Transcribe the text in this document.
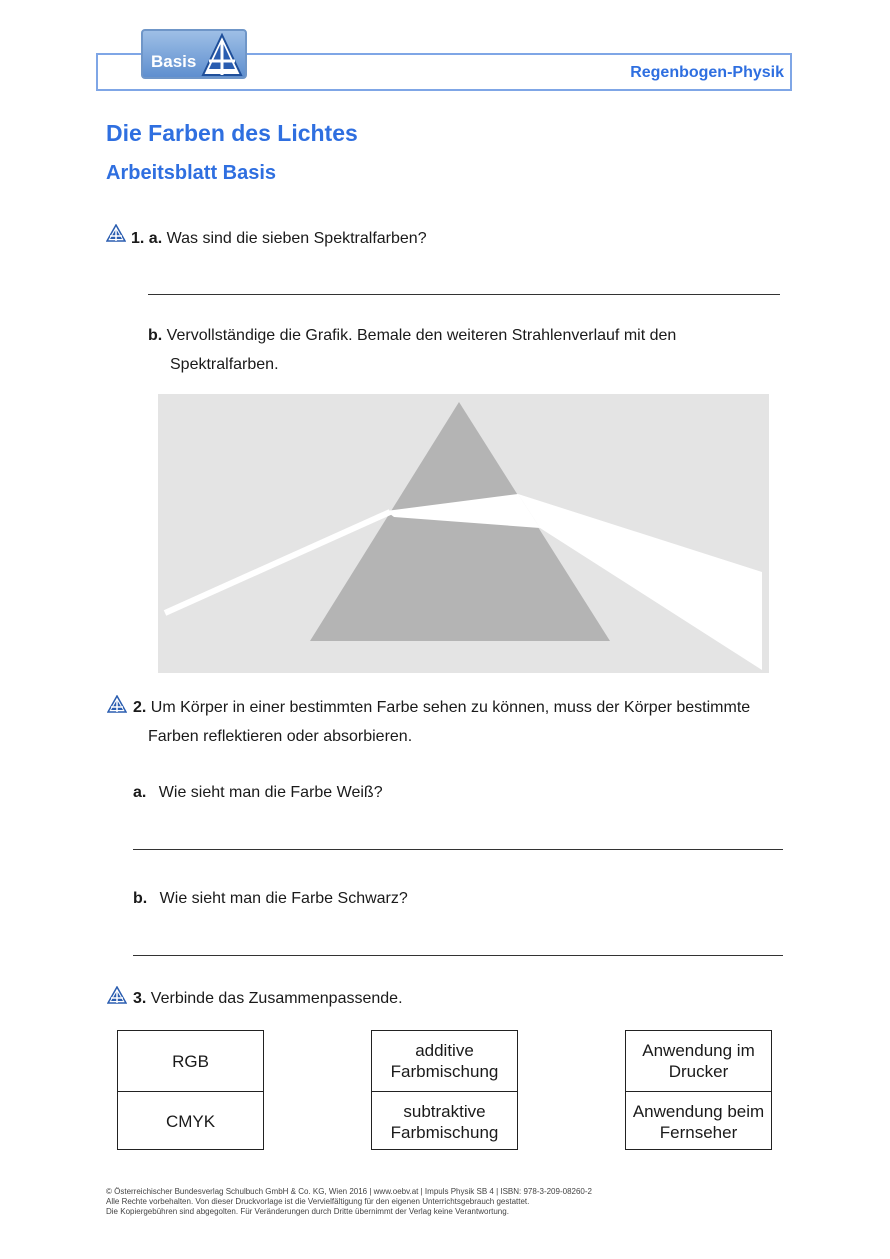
Basis
Regenbogen-Physik
Die Farben des Lichtes
Arbeitsblatt Basis
1. a. Was sind die sieben Spektralfarben?
b. Vervollständige die Grafik. Bemale den weiteren Strahlenverlauf mit den
Spektralfarben.
2. Um Körper in einer bestimmten Farbe sehen zu können, muss der Körper bestimmte
Farben reflektieren oder absorbieren.
a. Wie sieht man die Farbe Weiß?
b. Wie sieht man die Farbe Schwarz?
3. Verbinde das Zusammenpassende.
RGB
CMYK
additive Farbmischung
subtraktive Farbmischung
Anwendung im Drucker
Anwendung beim Fernseher
© Österreichischer Bundesverlag Schulbuch GmbH & Co. KG, Wien 2016 | www.oebv.at | Impuls Physik SB 4 | ISBN: 978-3-209-08260-2
Alle Rechte vorbehalten. Von dieser Druckvorlage ist die Vervielfältigung für den eigenen Unterrichtsgebrauch gestattet.
Die Kopiergebühren sind abgegolten. Für Veränderungen durch Dritte übernimmt der Verlag keine Verantwortung.
